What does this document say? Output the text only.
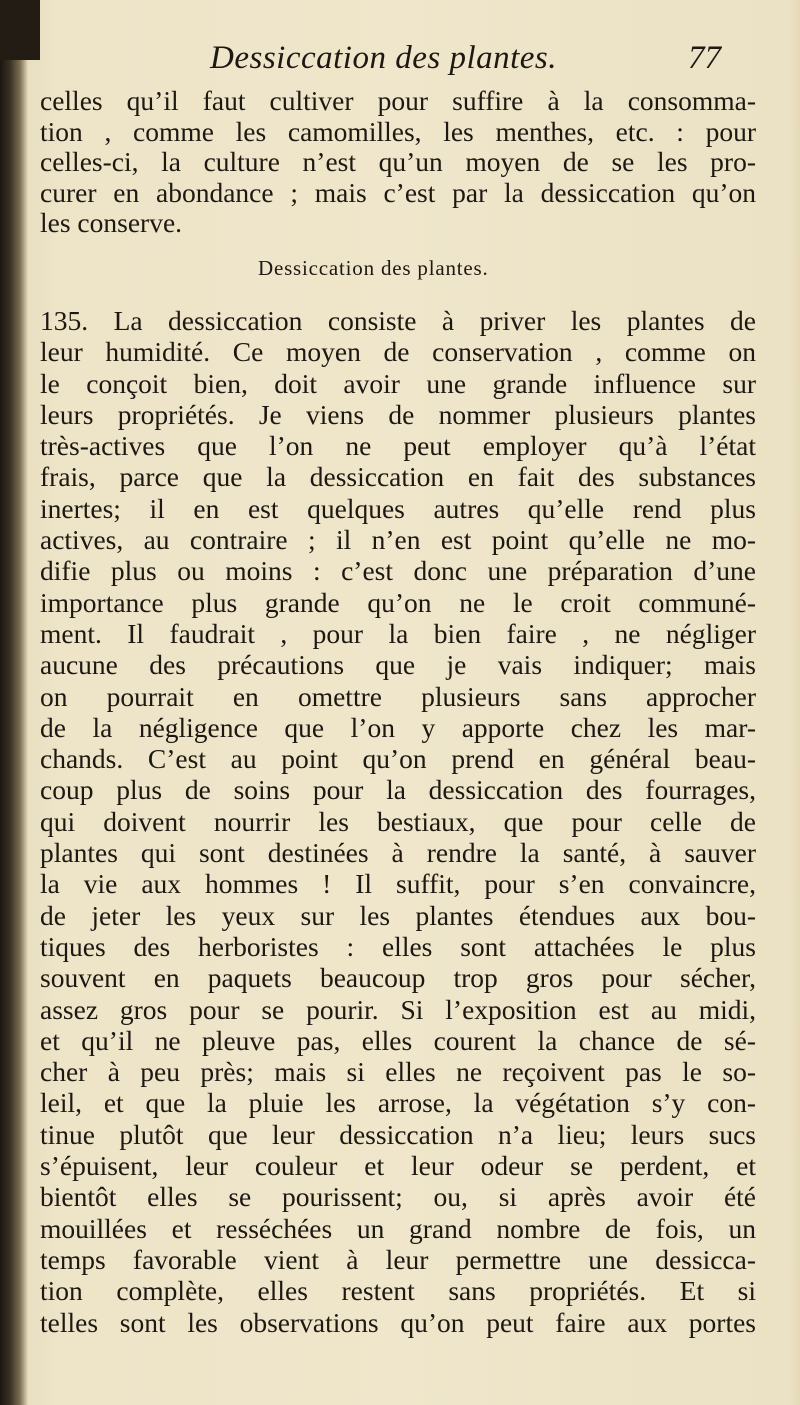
Dessiccation des plantes.	77
celles qu’il faut cultiver pour suffire à la consomma-
tion , comme les camomilles, les menthes, etc. : pour
celles-ci, la culture n’est qu’un moyen de se les pro-
curer en abondance ; mais c’est par la dessiccation qu’on
les conserve.
Dessiccation des plantes.
135. La dessiccation consiste à priver les plantes de
leur humidité. Ce moyen de conservation , comme on
le conçoit bien, doit avoir une grande influence sur
leurs propriétés. Je viens de nommer plusieurs plantes
très-actives que l’on ne peut employer qu’à l’état
frais, parce que la dessiccation en fait des substances
inertes; il en est quelques autres qu’elle rend plus
actives, au contraire ; il n’en est point qu’elle ne mo-
difie plus ou moins : c’est donc une préparation d’une
importance plus grande qu’on ne le croit communé-
ment. Il faudrait , pour la bien faire , ne négliger
aucune des précautions que je vais indiquer; mais
on pourrait en omettre plusieurs sans approcher
de la négligence que l’on y apporte chez les mar-
chands. C’est au point qu’on prend en général beau-
coup plus de soins pour la dessiccation des fourrages,
qui doivent nourrir les bestiaux, que pour celle de
plantes qui sont destinées à rendre la santé, à sauver
la vie aux hommes ! Il suffit, pour s’en convaincre,
de jeter les yeux sur les plantes étendues aux bou-
tiques des herboristes : elles sont attachées le plus
souvent en paquets beaucoup trop gros pour sécher,
assez gros pour se pourir. Si l’exposition est au midi,
et qu’il ne pleuve pas, elles courent la chance de sé-
cher à peu près; mais si elles ne reçoivent pas le so-
leil, et que la pluie les arrose, la végétation s’y con-
tinue plutôt que leur dessiccation n’a lieu; leurs sucs
s’épuisent, leur couleur et leur odeur se perdent, et
bientôt elles se pourissent; ou, si après avoir été
mouillées et resséchées un grand nombre de fois, un
temps favorable vient à leur permettre une dessicca-
tion complète, elles restent sans propriétés. Et si
telles sont les observations qu’on peut faire aux portes
